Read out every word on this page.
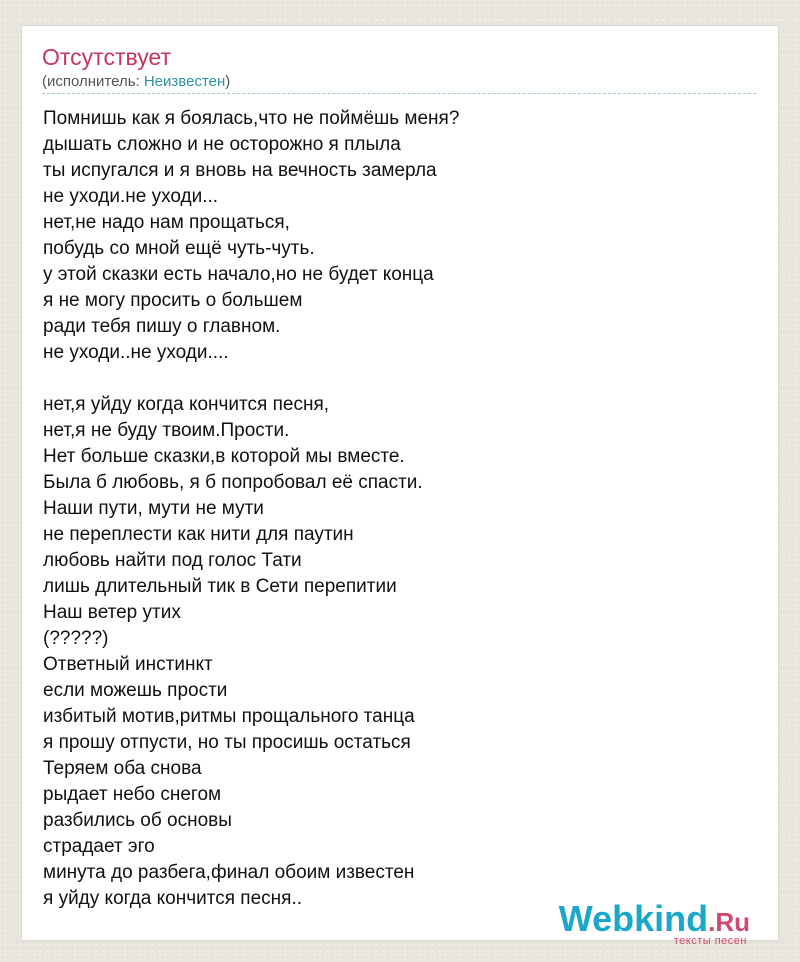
Отсутствует
(исполнитель: Неизвестен)
Помнишь как я боялась,что не поймёшь меня?
дышать сложно и не осторожно я плыла
ты испугался и я вновь на вечность замерла
не уходи.не уходи...
нет,не надо нам прощаться,
побудь со мной ещё чуть-чуть.
у этой сказки есть начало,но не будет конца
я не могу просить о большем
ради тебя пишу о главном.
не уходи..не уходи....
нет,я уйду когда кончится песня,
нет,я не буду твоим.Прости.
Нет больше сказки,в которой мы вместе.
Была б любовь, я б попробовал её спасти.
Наши пути, мути не мути
не переплести как нити для паутин
любовь найти под голос Тати
лишь длительный тик в Сети перепитии
Наш ветер утих
(?????)
Ответный инстинкт
если можешь прости
избитый мотив,ритмы прощального танца
я прошу отпусти, но ты просишь остаться
Теряем оба снова
рыдает небо снегом
разбились об основы
страдает эго
минута до разбега,финал обоим известен
я уйду когда кончится песня..	Webkind.Ru
тексты песен
